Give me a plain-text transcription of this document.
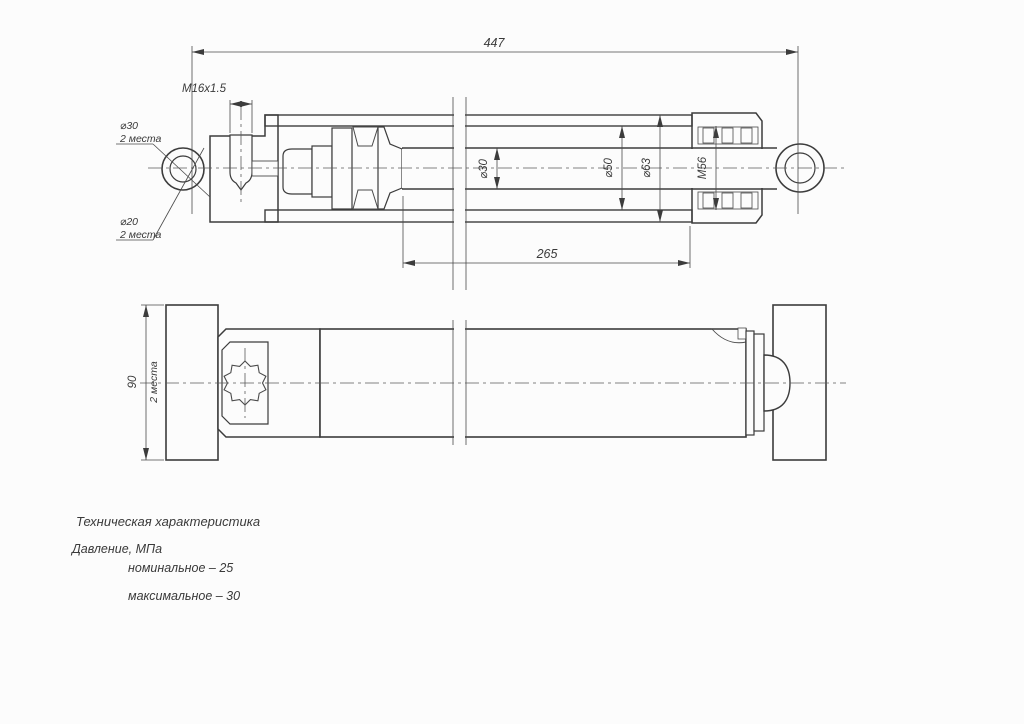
447
M16x1.5
⌀30
2 места
⌀20
2 места
⌀30	⌀50 ⌀63	М56
265
90 2 места
Техническая характеристика
Давление, МПа
номинальное – 25
максимальное – 30
